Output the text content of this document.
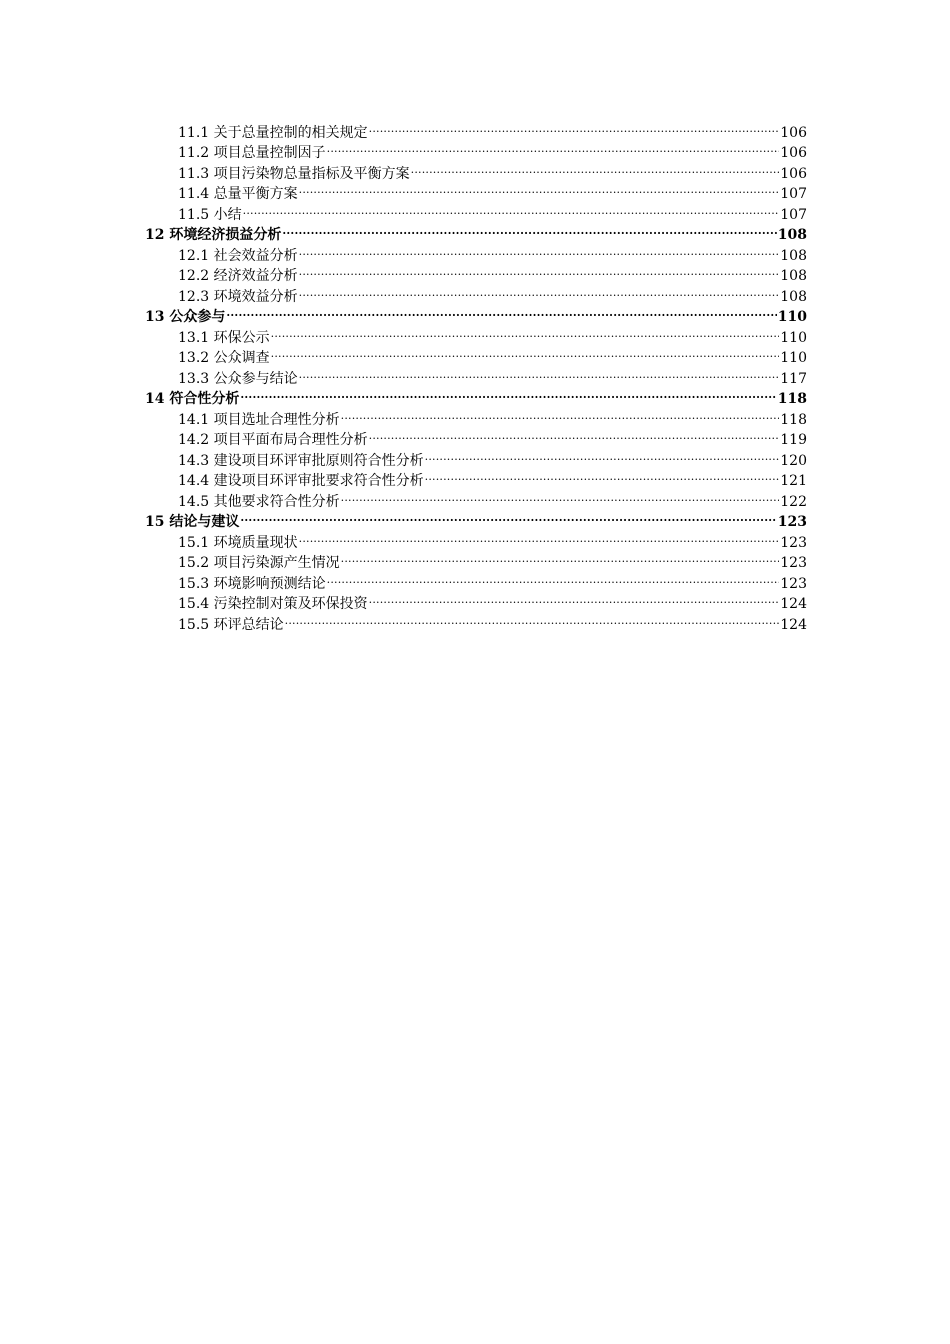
11.1 关于总量控制的相关规定 .....	106
11.2 项目总量控制因子 .....	106
11.3 项目污染物总量指标及平衡方案 .....	106
11.4 总量平衡方案 .....	107
11.5 小结 .....	107
12 环境经济损益分析 .....	108
12.1 社会效益分析 .....	108
12.2 经济效益分析 .....	108
12.3 环境效益分析 .....	108
13 公众参与 .....	110
13.1 环保公示 .....	110
13.2 公众调查 .....	110
13.3 公众参与结论 .....	117
14 符合性分析 .....	118
14.1 项目选址合理性分析 .....	118
14.2 项目平面布局合理性分析 .....	119
14.3 建设项目环评审批原则符合性分析 .....	120
14.4 建设项目环评审批要求符合性分析 .....	121
14.5 其他要求符合性分析 .....	122
15 结论与建议 .....	123
15.1 环境质量现状 .....	123
15.2 项目污染源产生情况 .....	123
15.3 环境影响预测结论 .....	123
15.4 污染控制对策及环保投资 .....	124
15.5 环评总结论 .....	124
